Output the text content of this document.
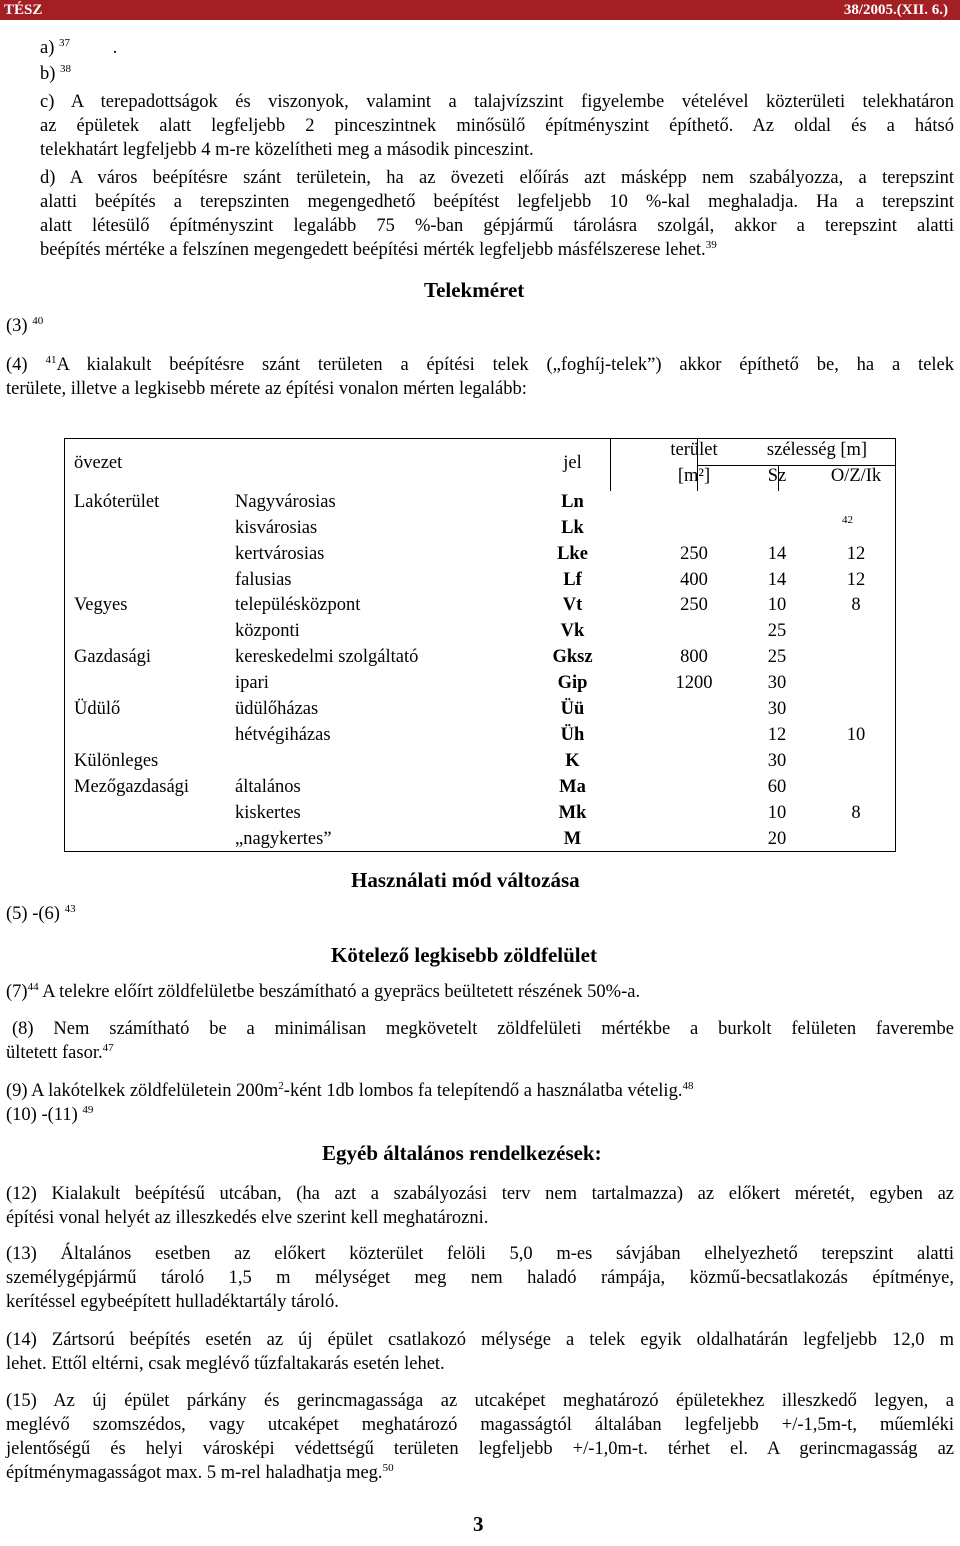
TÉSZ	38/2005.(XII. 6.)
a) $^{37}$ .
b) $^{38}$
c) A terepadottságok és viszonyok, valamint a talajvízszint figyelembe vételével közterületi telekhatáron
az épületek alatt legfeljebb 2 pinceszintnek minősülő építményszint építhető. Az oldal és a hátsó
telekhatárt legfeljebb 4 m-re közelítheti meg a második pinceszint.
d) A város beépítésre szánt területein, ha az övezeti előírás azt másképp nem szabályozza, a terepszint
alatti beépítés a terepszinten megengedhető beépítést legfeljebb 10 %-kal meghaladja. Ha a terepszint
alatt létesülő építményszint legalább 75 %-ban gépjármű tárolásra szolgál, akkor a terepszint alatti
beépítés mértéke a felszínen megengedett beépítési mérték legfeljebb másfélszerese lehet.$^{39}$
Telekméret
(3) $^{40}$
(4) $^{41}$A kialakult beépítésre szánt területen a építési telek („foghíj-telek”) akkor építhető be, ha a telek
területe, illetve a legkisebb mérete az építési vonalon mérten legalább:
övezet		jel	terület	szélesség [m]	
			[m²]	Sz	O/Z/Ik
Lakóterület	Nagyvárosias	Ln			
	kisvárosias	Lk			
	kertvárosias	Lke	250	14	12
	falusias	Lf	400	14	12
Vegyes	településközpont	Vt	250	10	8
	központi	Vk		25	
Gazdasági	kereskedelmi szolgáltató	Gksz	800	25	
	ipari	Gip	1200	30	
Üdülő	üdülőházas	Üü		30	
	hétvégiházas	Üh		12	10
Különleges		K		30	
Mezőgazdasági	általános	Ma		60	
	kiskertes	Mk		10	8
	„nagykertes”	M		20	
42
Használati mód változása
(5) -(6) $^{43}$
Kötelező legkisebb zöldfelület
$(7)^{44}$ A telekre előírt zöldfelületbe beszámítható a gyepräcs beültetett részének 50%-a.
(8) Nem számítható be a minimálisan megkövetelt zöldfelületi mértékbe a burkolt felületen faverembe
ültetett fasor.$^{47}$
(9) A lakótelkek zöldfelületein $200m^2$-ként 1db lombos fa telepítendő a használatba vételig.$^{48}$
(10) -(11) $^{49}$
Egyéb általános rendelkezések:
(12) Kialakult beépítésű utcában, (ha azt a szabályozási terv nem tartalmazza) az előkert méretét, egyben az
építési vonal helyét az illeszkedés elve szerint kell meghatározni.
(13) Általános esetben az előkert közterület felöli 5,0 m-es sávjában elhelyezhető terepszint alatti
személygépjármű tároló 1,5 m mélységet meg nem haladó rámpája, közmű-becsatlakozás építménye,
kerítéssel egybeépített hulladéktartály tároló.
(14) Zártsorú beépítés esetén az új épület csatlakozó mélysége a telek egyik oldalhatárán legfeljebb 12,0 m
lehet. Ettől eltérni, csak meglévő tűzfaltakarás esetén lehet.
(15) Az új épület párkány és gerincmagassága az utcaképet meghatározó épületekhez illeszkedő legyen, a
meglévő szomszédos, vagy utcaképet meghatározó magasságtól általában legfeljebb +/-1,5m-t, műemléki
jelentőségű és helyi városképi védettségű területen legfeljebb +/-1,0m-t. térhet el. A gerincmagasság az
építménymagasságot max. 5 m-rel haladhatja meg.$^{50}$
3
